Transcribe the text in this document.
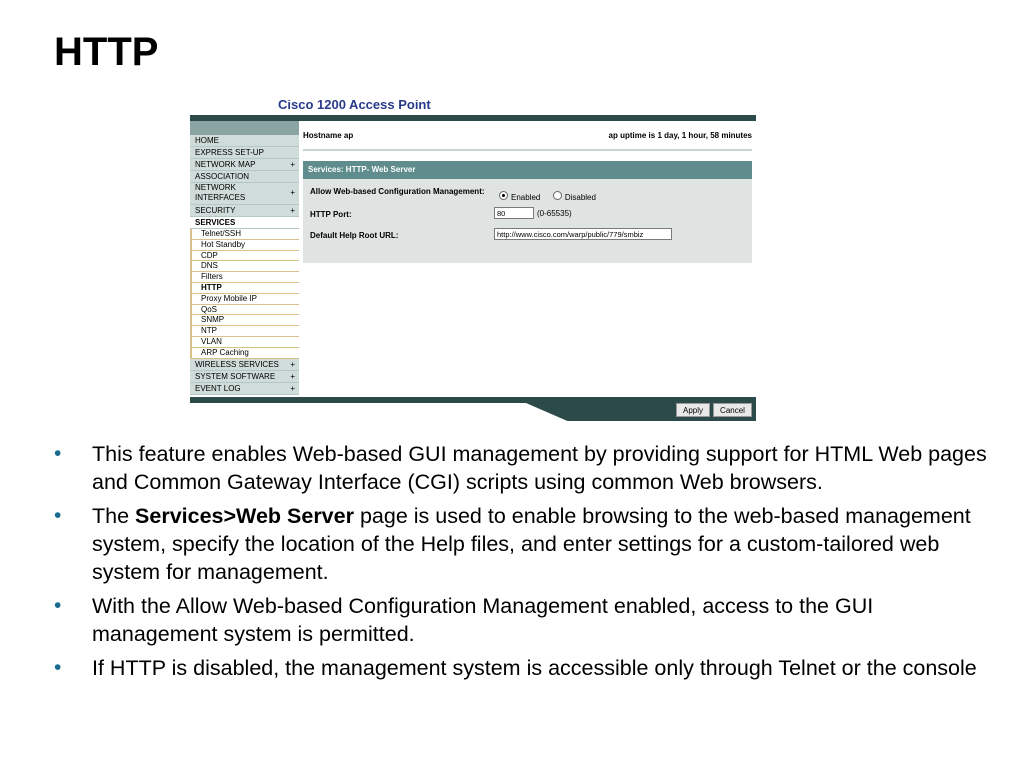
HTTP
Cisco 1200 Access Point
HOME
EXPRESS SET-UP
NETWORK MAP	+
ASSOCIATION
NETWORK INTERFACES
+
SECURITY	+
SERVICES
Telnet/SSH
Hot Standby
CDP
DNS
Filters
HTTP
Proxy Mobile IP
QoS
SNMP
NTP
VLAN
ARP Caching
WIRELESS SERVICES +
SYSTEM SOFTWARE +
EVENT LOG	+
Hostname ap	ap uptime is 1 day, 1 hour, 58 minutes
Services: HTTP- Web Server
Allow Web-based Configuration Management:
Enabled	Disabled
HTTP Port:	80	(0-65535)
Default Help Root URL:	http://www.cisco.com/warp/public/779/smbiz
Apply	Cancel
• This feature enables Web-based GUI management by providing support for HTML Web pages and Common Gateway Interface (CGI) scripts using common Web browsers.
• The Services>Web Server page is used to enable browsing to the web-based management system, specify the location of the Help files, and enter settings for a custom-tailored web system for management.
• With the Allow Web-based Configuration Management enabled, access to the GUI management system is permitted.
• If HTTP is disabled, the management system is accessible only through Telnet or the console
